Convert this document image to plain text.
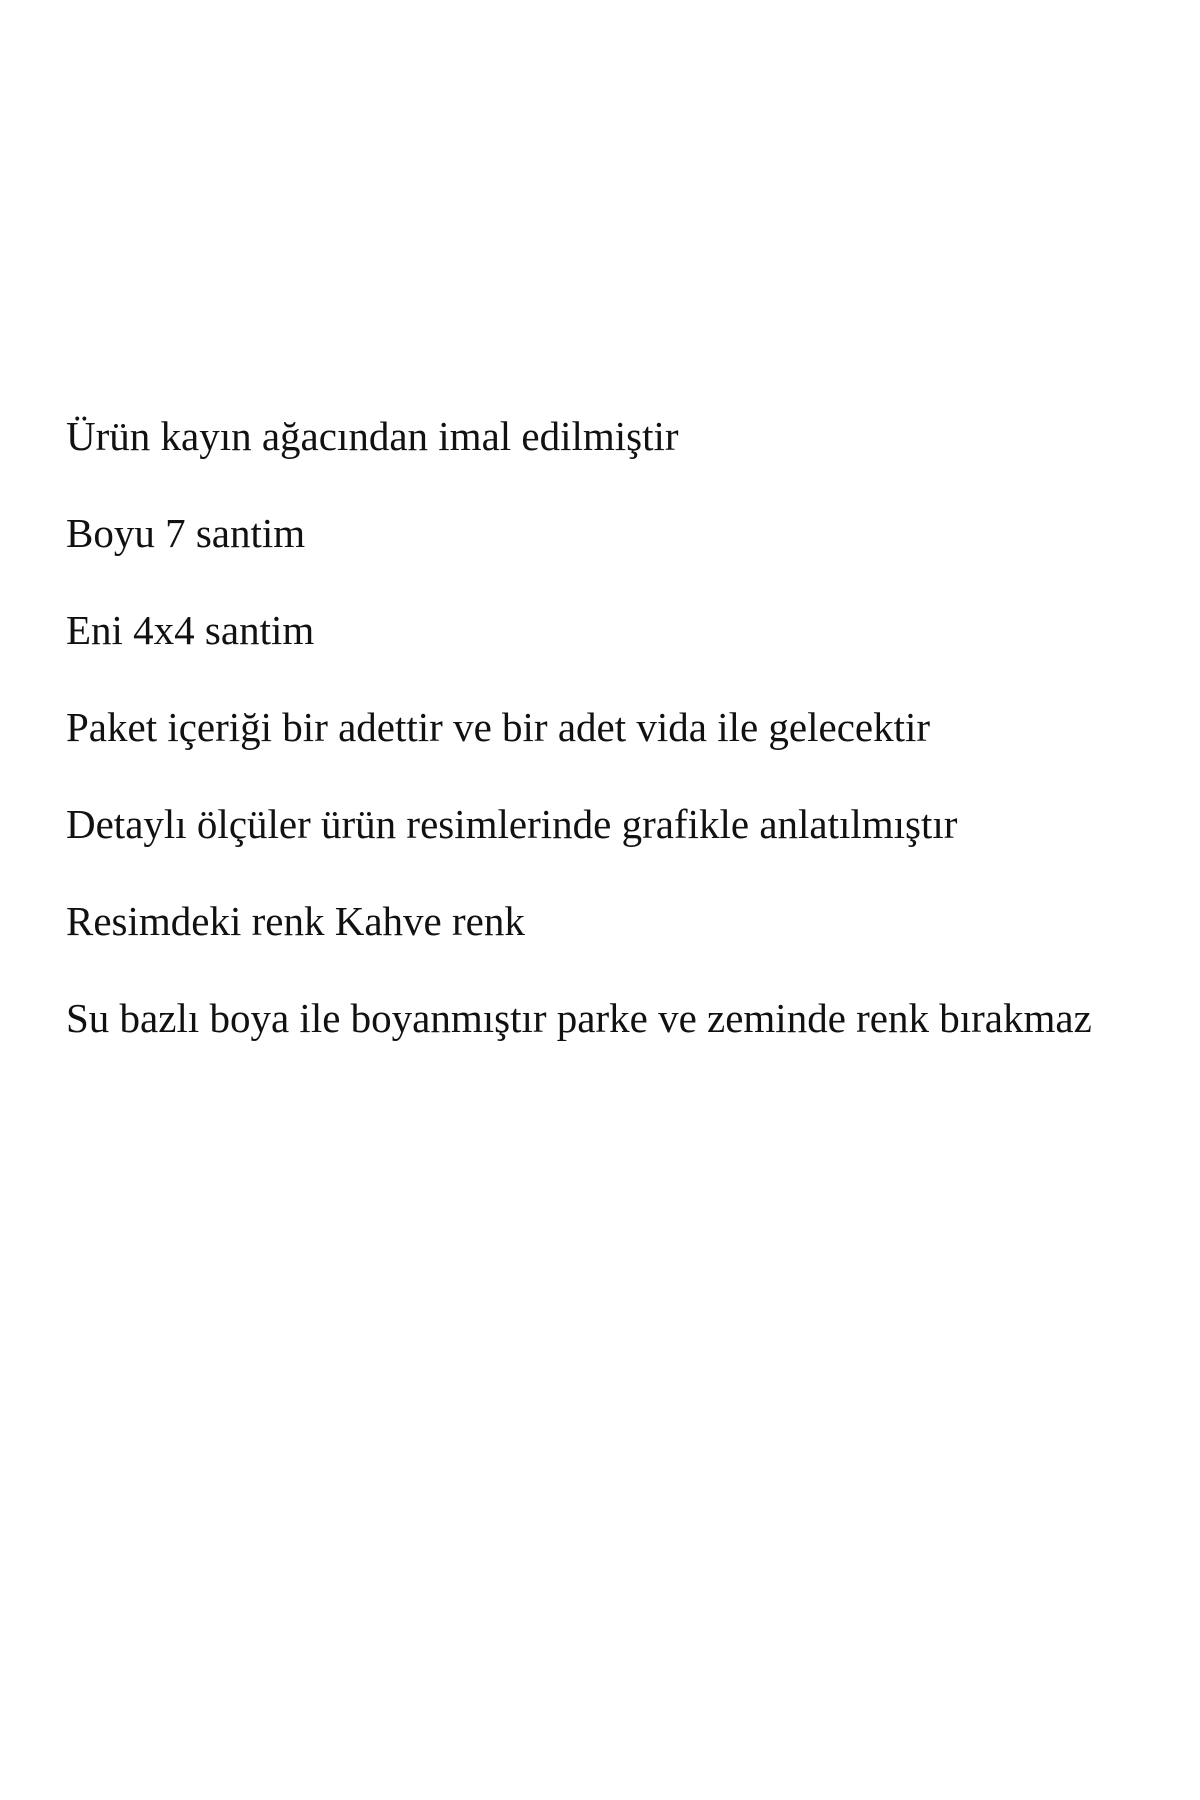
Ürün kayın ağacından imal edilmiştir

Boyu 7 santim

Eni 4x4 santim

Paket içeriği bir adettir ve bir adet vida ile gelecektir

Detaylı ölçüler ürün resimlerinde grafikle anlatılmıştır

Resimdeki renk Kahve renk

Su bazlı boya ile boyanmıştır parke ve zeminde renk bırakmaz
